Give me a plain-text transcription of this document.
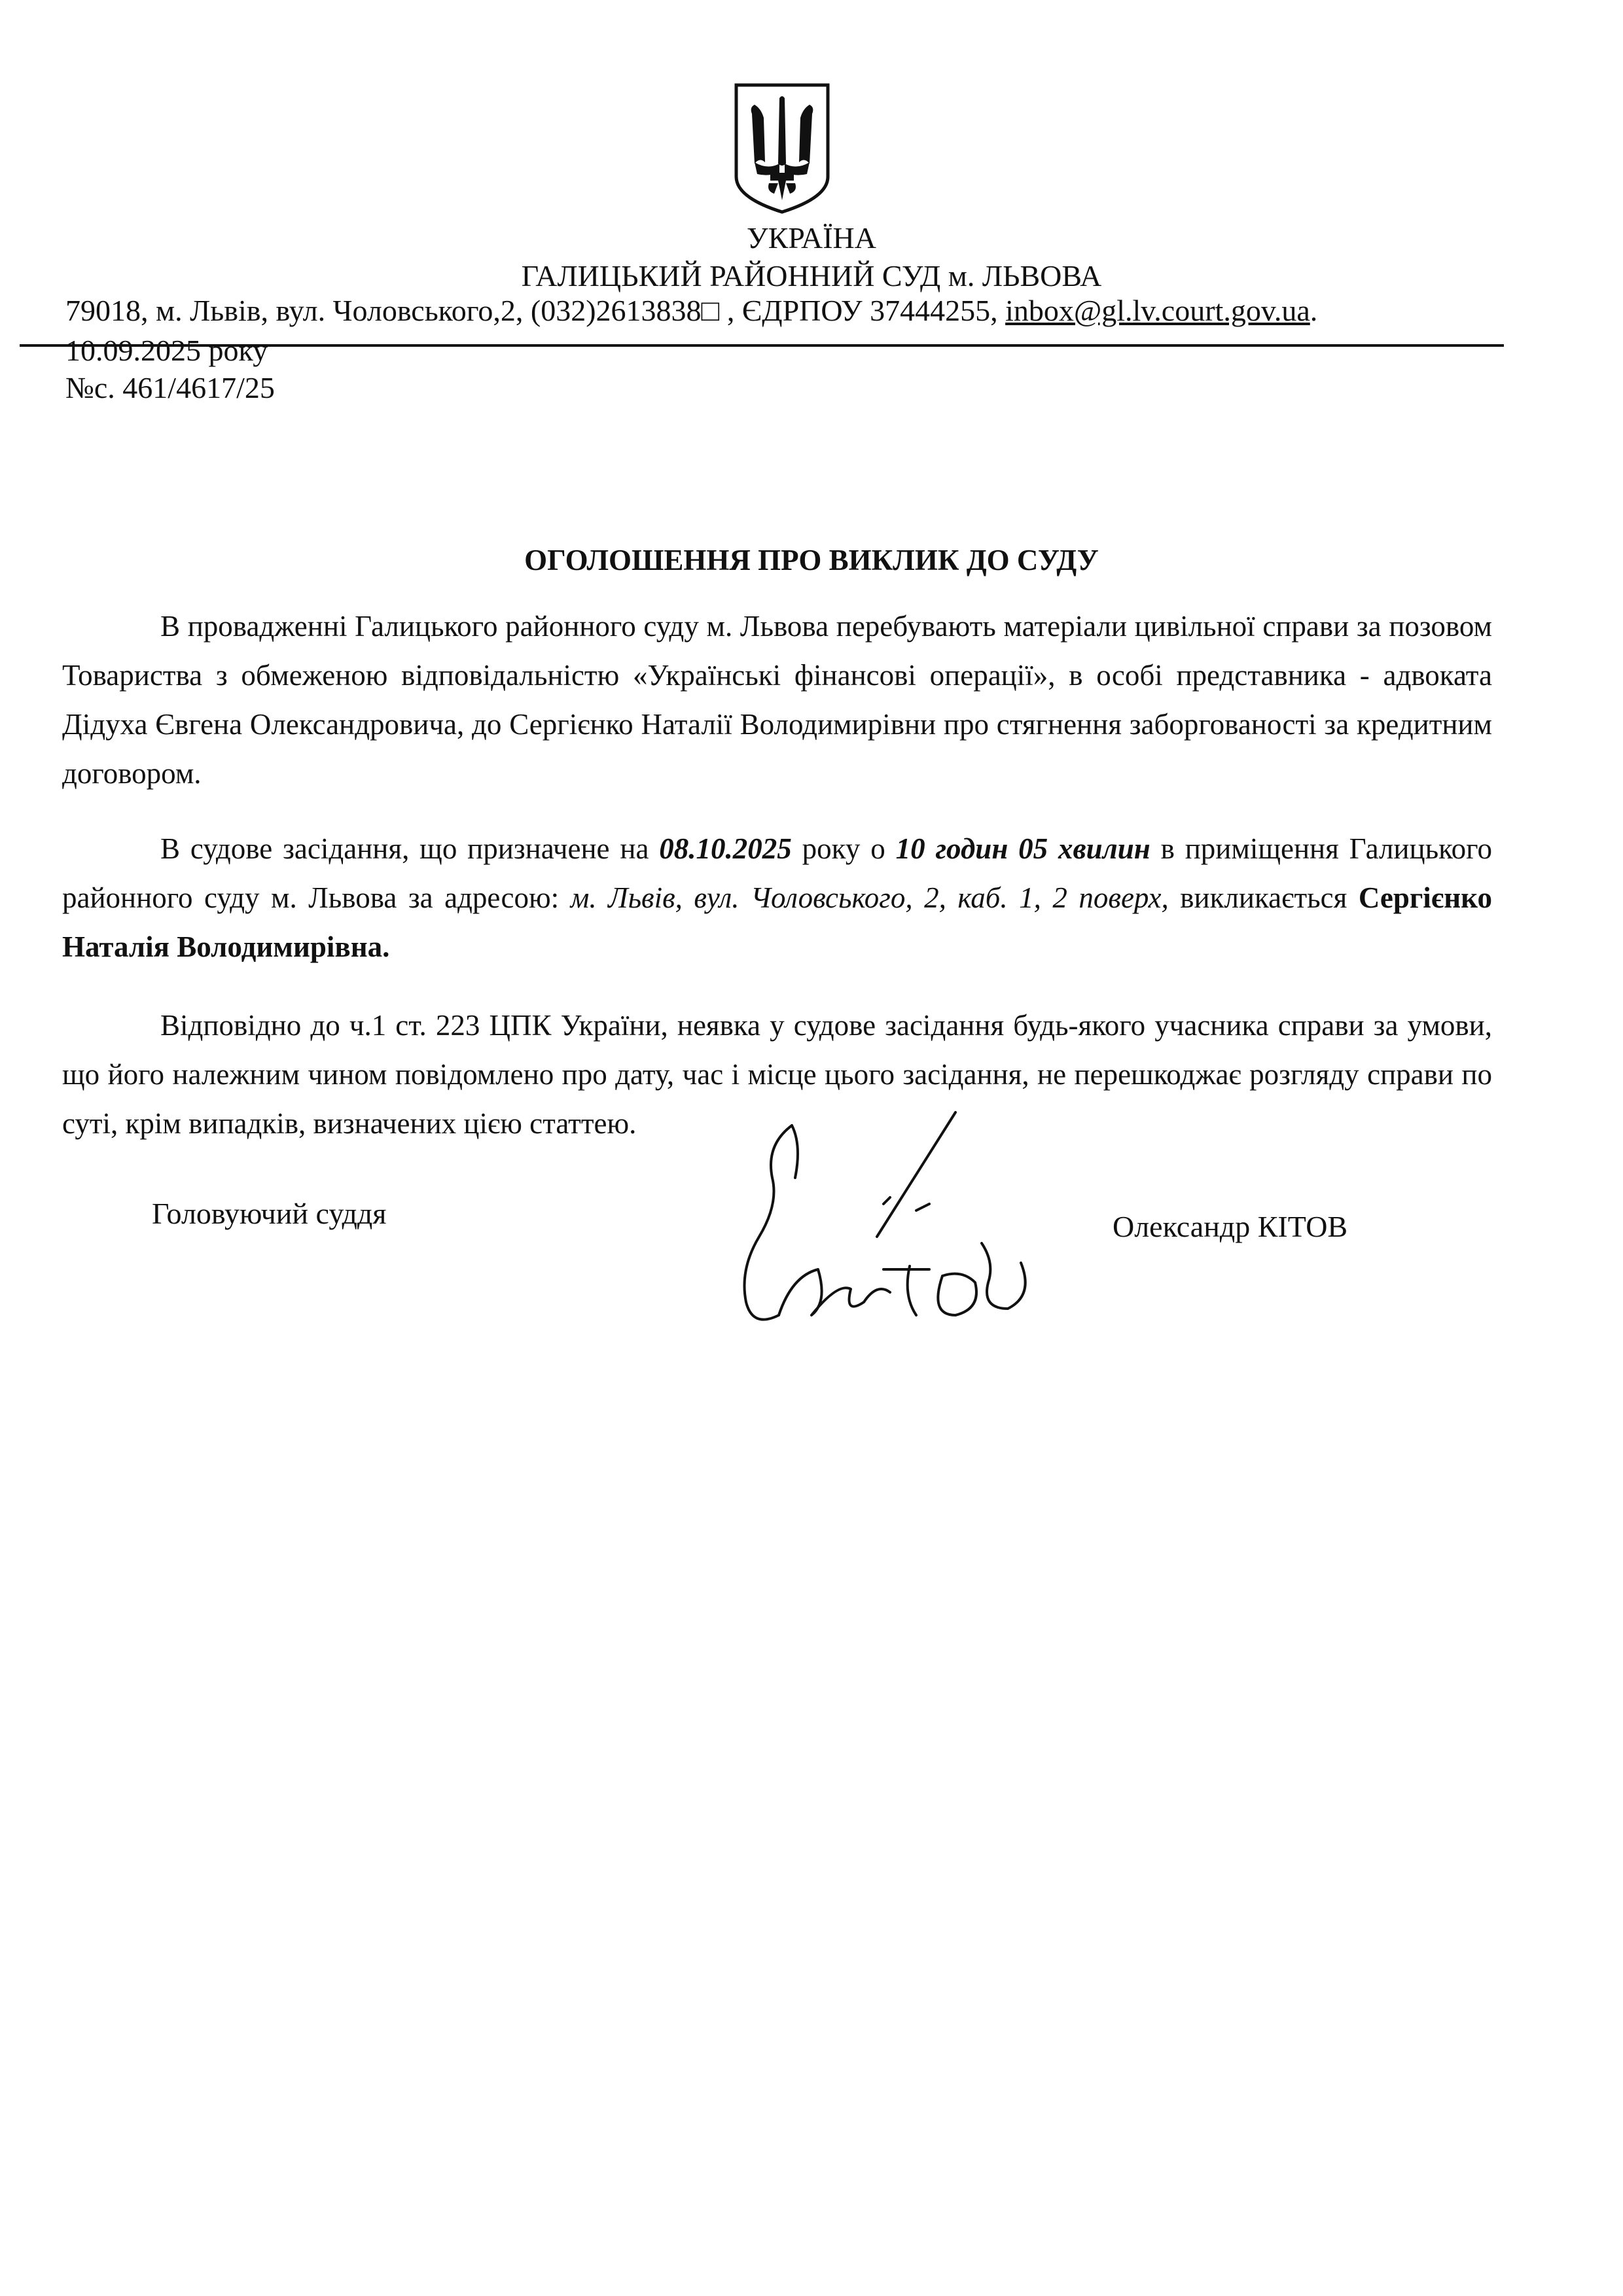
УКРАЇНА
ГАЛИЦЬКИЙ РАЙОННИЙ СУД м. ЛЬВОВА
79018, м. Львів, вул. Чоловського,2, (032)2613838□ , ЄДРПОУ 37444255, inbox@gl.lv.court.gov.ua.
10.09.2025 року
№с. 461/4617/25
ОГОЛОШЕННЯ ПРО ВИКЛИК ДО СУДУ

В провадженні Галицького районного суду м. Львова перебувають матеріали цивільної справи за позовом Товариства з обмеженою відповідальністю «Українські фінансові операції», в особі представника - адвоката Дідуха Євгена Олександровича, до Сергієнко Наталії Володимирівни про стягнення заборгованості за кредитним договором.

В судове засідання, що призначене на 08.10.2025 року о 10 годин 05 хвилин в приміщення Галицького районного суду м. Львова за адресою: м. Львів, вул. Чоловського, 2, каб. 1, 2 поверх, викликається Сергієнко Наталія Володимирівна.

Відповідно до ч.1 ст. 223 ЦПК України, неявка у судове засідання будь-якого учасника справи за умови, що його належним чином повідомлено про дату, час і місце цього засідання, не перешкоджає розгляду справи по суті, крім випадків, визначених цією статтею.

Головуючий суддя	Олександр КІТОВ
